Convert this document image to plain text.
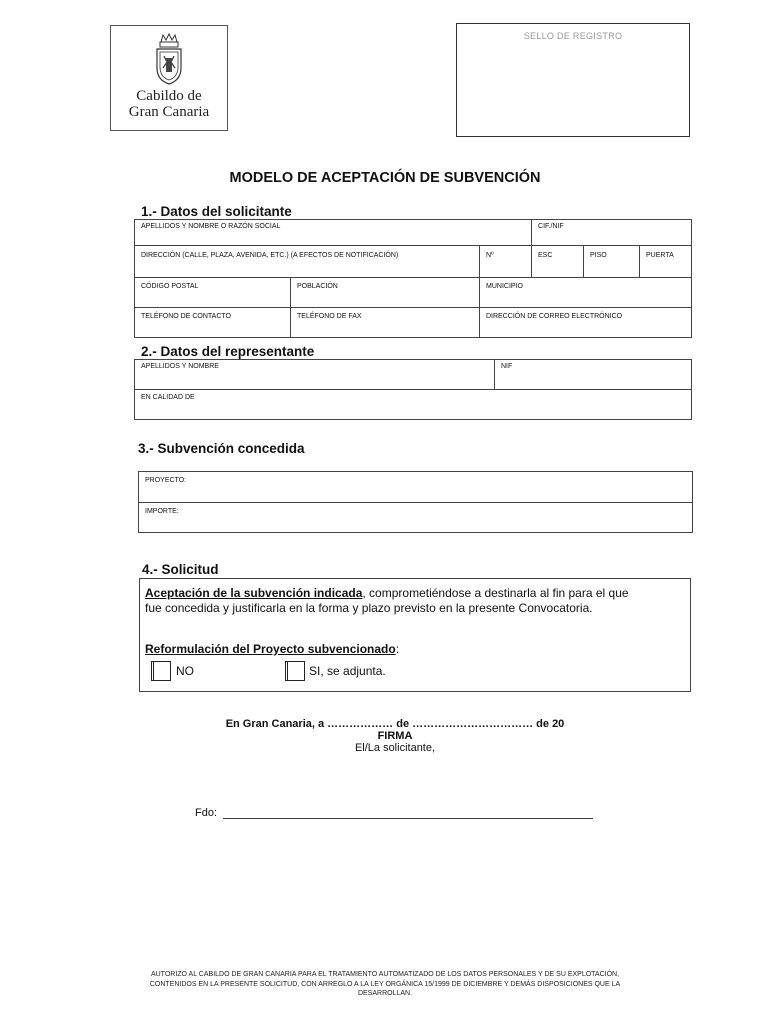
Cabildo de
Gran Canaria
SELLO DE REGISTRO
MODELO DE ACEPTACIÓN DE SUBVENCIÓN
1.- Datos del solicitante
APELLIDOS Y NOMBRE O RAZÓN SOCIAL			CIF./NIF		
DIRECCIÓN (CALLE, PLAZA, AVENIDA, ETC.) (A EFECTOS DE NOTIFICACIÓN)		Nº	ESC	PISO	PUERTA
CÓDIGO POSTAL	POBLACIÓN	MUNICIPIO			
TELÉFONO DE CONTACTO	TELÉFONO DE FAX	DIRECCIÓN DE CORREO ELECTRÓNICO			
2.- Datos del representante
APELLIDOS Y NOMBRE	NIF
EN CALIDAD DE
3.- Subvención concedida
PROYECTO:
IMPORTE:
4.- Solicitud
Aceptación de la subvención indicada, comprometiéndose a destinarla al fin para el que
fue concedida y justificarla en la forma y plazo previsto en la presente Convocatoria.
Reformulación del Proyecto subvencionado:
NO	SI, se adjunta.
En Gran Canaria, a ……………… de …………………………… de 20
FIRMA
El/La solicitante,
Fdo:
AUTORIZO AL CABILDO DE GRAN CANARIA PARA EL TRATAMIENTO AUTOMATIZADO DE LOS DATOS PERSONALES Y DE SU EXPLOTACIÓN,
CONTENIDOS EN LA PRESENTE SOLICITUD, CON ARREGLO A LA LEY ORGÁNICA 15/1999 DE DICIEMBRE Y DEMÁS DISPOSICIONES QUE LA
DESARROLLAN.
